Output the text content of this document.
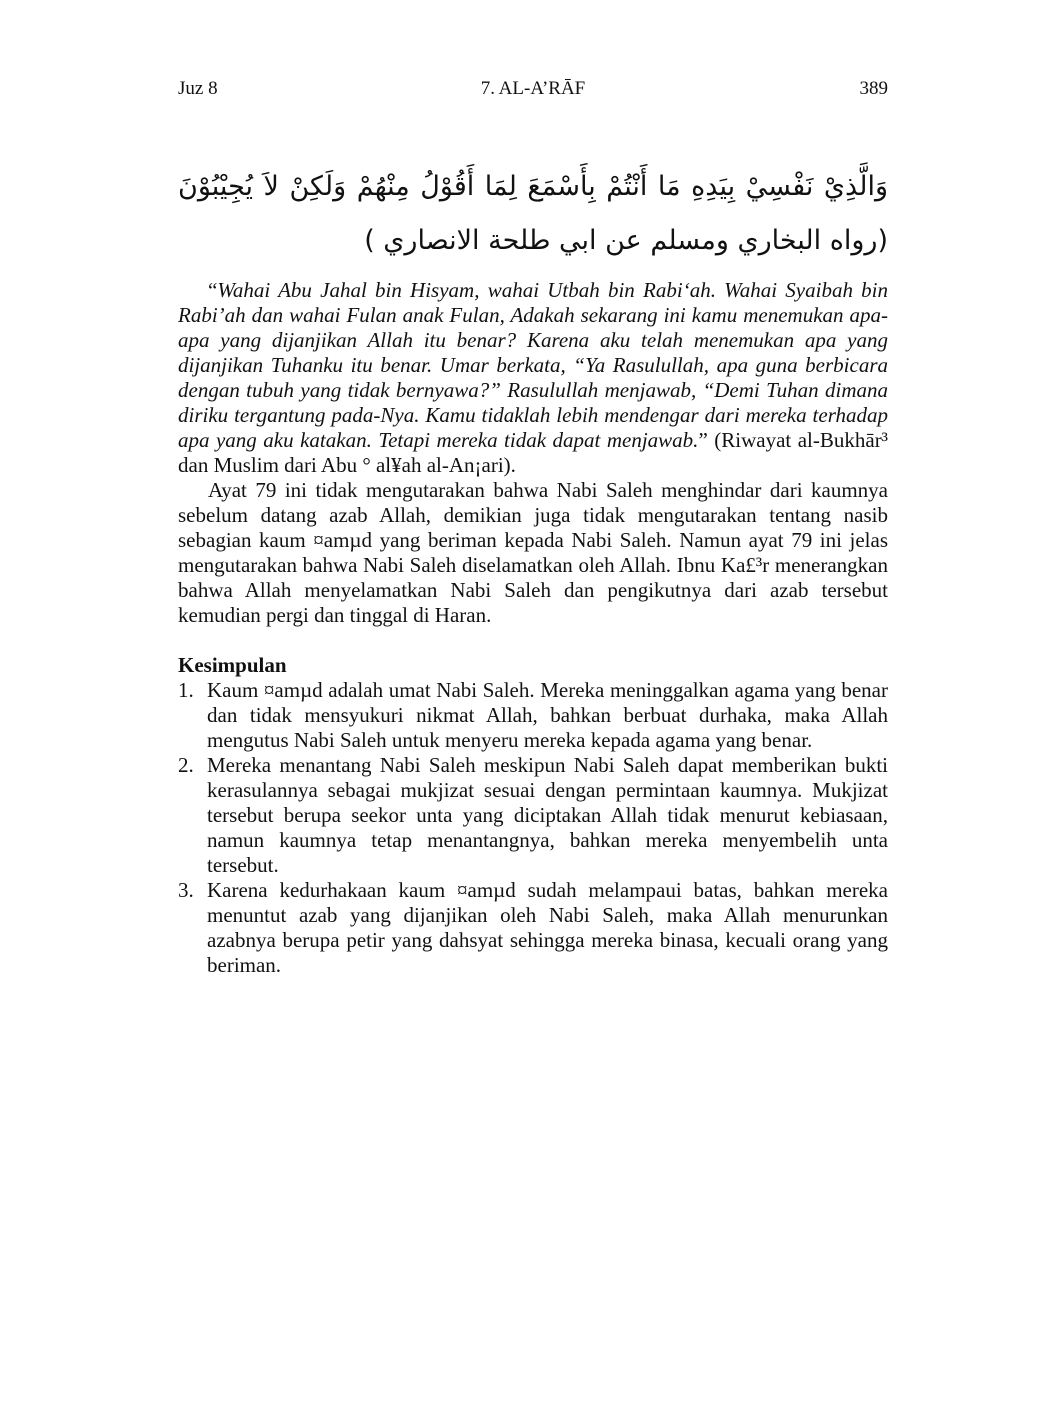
Juz 8	7. AL-A’RĀF	389
وَالَّذِيْ نَفْسِيْ بِيَدِهِ مَا أَنْتُمْ بِأَسْمَعَ لِمَا أَقُوْلُ مِنْهُمْ وَلَكِنْ لاَ يُجِيْبُوْنَ (رواه البخاري ومسلم عن ابي طلحة الانصاري )

“Wahai Abu Jahal bin Hisyam, wahai Utbah bin Rabi‘ah. Wahai Syaibah bin Rabi’ah dan wahai Fulan anak Fulan, Adakah sekarang ini kamu menemukan apa-apa yang dijanjikan Allah itu benar? Karena aku telah menemukan apa yang dijanjikan Tuhanku itu benar. Umar berkata, “Ya Rasulullah, apa guna berbicara dengan tubuh yang tidak bernyawa?” Rasulullah menjawab, “Demi Tuhan dimana diriku tergantung pada-Nya. Kamu tidaklah lebih mendengar dari mereka terhadap apa yang aku katakan. Tetapi mereka tidak dapat menjawab.” (Riwayat al-Bukhār³ dan Muslim dari Abu ° al¥ah al-An¡ari).

Ayat 79 ini tidak mengutarakan bahwa Nabi Saleh menghindar dari kaumnya sebelum datang azab Allah, demikian juga tidak mengutarakan tentang nasib sebagian kaum ¤amµd yang beriman kepada Nabi Saleh. Namun ayat 79 ini jelas mengutarakan bahwa Nabi Saleh diselamatkan oleh Allah. Ibnu Ka£³r menerangkan bahwa Allah menyelamatkan Nabi Saleh dan pengikutnya dari azab tersebut kemudian pergi dan tinggal di Haran.

Kesimpulan
1. Kaum ¤amµd adalah umat Nabi Saleh. Mereka meninggalkan agama yang benar dan tidak mensyukuri nikmat Allah, bahkan berbuat durhaka, maka Allah mengutus Nabi Saleh untuk menyeru mereka kepada agama yang benar.
2. Mereka menantang Nabi Saleh meskipun Nabi Saleh dapat memberikan bukti kerasulannya sebagai mukjizat sesuai dengan permintaan kaumnya. Mukjizat tersebut berupa seekor unta yang diciptakan Allah tidak menurut kebiasaan, namun kaumnya tetap menantangnya, bahkan mereka menyembelih unta tersebut.
3. Karena kedurhakaan kaum ¤amµd sudah melampaui batas, bahkan mereka menuntut azab yang dijanjikan oleh Nabi Saleh, maka Allah menurunkan azabnya berupa petir yang dahsyat sehingga mereka binasa, kecuali orang yang beriman.
